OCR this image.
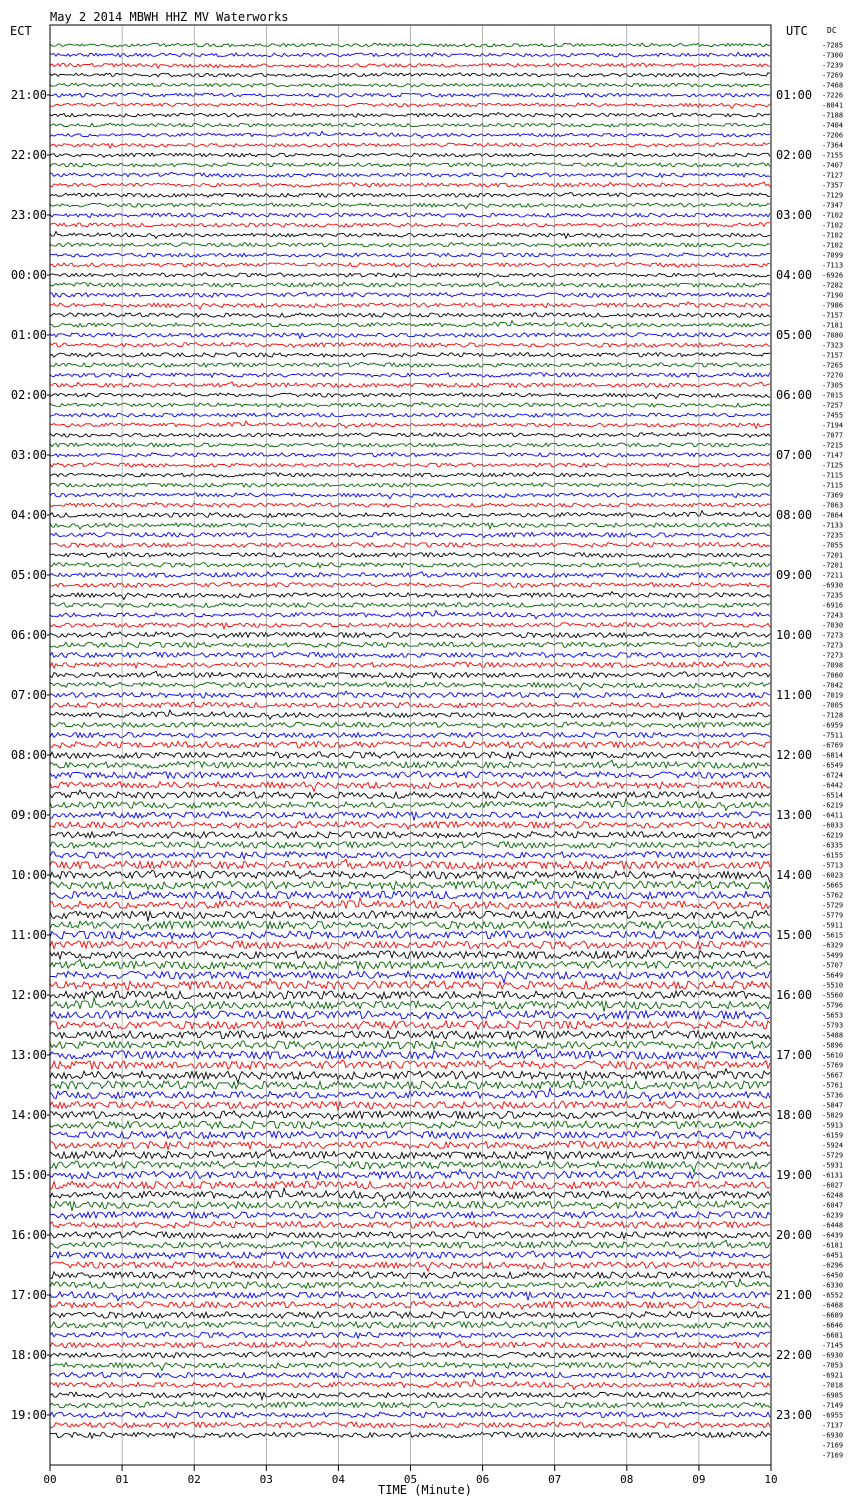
May 2 2014 MBWH HHZ MV Waterworks
ECT	UTC DC
21:00
22:00
23:00
00:00
01:00
02:00
03:00
04:00
05:00
06:00
07:00
08:00
09:00
10:00
11:00
12:00
13:00
14:00
15:00
16:00
17:00
18:00
19:00
01:00
02:00
03:00
04:00
05:00
06:00
07:00
08:00
09:00
10:00
11:00
12:00
13:00
14:00
15:00
16:00
17:00
18:00
19:00
20:00
21:00
22:00
23:00
-7285
-7300
-7239
-7269
-7468
-7226
-8041
-7188
-7404
-7206
-7364
-7155
-7407
-7127
-7357
-7129
-7347
-7102
-7102
-7102
-7102
-7099
-7113
-6926
-7282
-7190
-7986
-7157
-7181
-7080
-7323
-7157
-7265
-7270
-7305
-7015
-7257
-7455
-7194
-7077
-7215
-7147
-7125
-7115
-7115
-7369
-7063
-7864
-7133
-7235
-7055
-7201
-7201
-7211
-6930
-7235
-6916
-7243
-7030
-7273
-7273
-7273
-7098
-7060
-7042
-7019
-7005
-7128
-6959
-7511
-6769
-6814
-6549
-6724
-6442
-6514
-6219
-6411
-6033
-6219
-6335
-6155
-5713
-6023
-5665
-5762
-5729
-5779
-5911
-5615
-6329
-5499
-5707
-5649
-5510
-5560
-5796
-5653
-5793
-5488
-5896
-5610
-5769
-5667
-5761
-5736
-5847
-5829
-5913
-6159
-5924
-5729
-5931
-6131
-6027
-6248
-6047
-6239
-6448
-6439
-6181
-6451
-6296
-6450
-6330
-6552
-6468
-6689
-6646
-6681
-7145
-6930
-7053
-6921
-7018
-6985
-7149
-6955
-7137
-6930
-7169
-7169
00	01	02	03	04	05	06	07	08	09	10
TIME (Minute)
